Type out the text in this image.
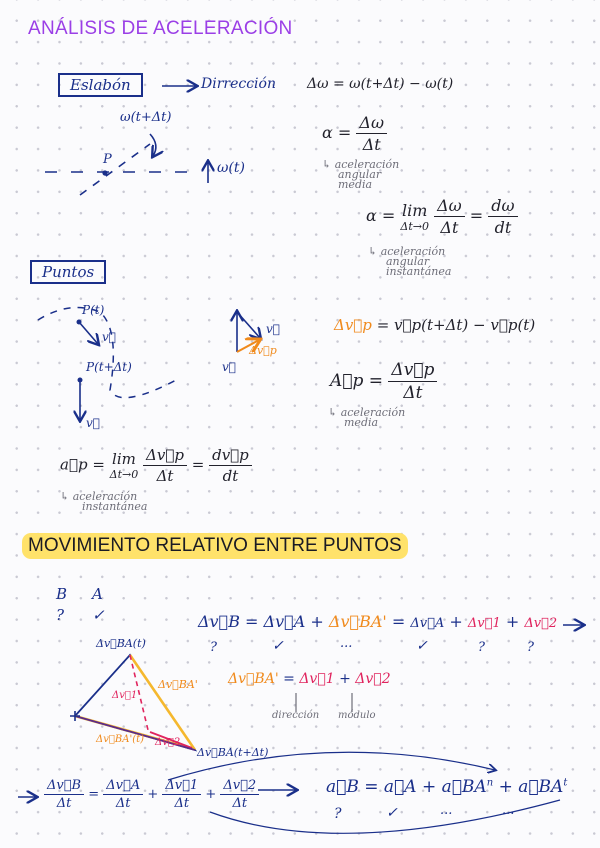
ANÁLISIS DE ACELERACIÓN
Eslabón	Dirrección Δω = ω(t+Δt) − ω(t)
ω(t+Δt)
P
ω(t)
$\alpha = \frac{\Delta\omega}{\Delta t}$
↳ aceleración
angular
media
α = lim
Δt→0
$\frac{\Delta\omega}{\Delta t} = \frac{d\omega}{dt}$
↳ aceleración
angular
instantánea
Puntos
P(t)
v⃗
P(t+Δt)
v⃗
v⃗
v⃗
Δv⃗p
Δv⃗p = v⃗p(t+Δt) − v⃗p(t)
A⃗p = $\frac{\Delta v⃗p}{\Delta t}$
↳ aceleración
media
a⃗p = lim
Δt→0
$\frac{\Delta v⃗p}{\Delta t} = \frac{dv⃗p}{dt}$
↳ aceleración
instantánea
MOVIMIENTO RELATIVO ENTRE PUNTOS
B A
? ✓	Δv⃗B = Δv⃗A + Δv⃗BA' = Δv⃗A + Δv⃗1 + Δv⃗2
?	✓	...	✓	?	?
Δv⃗BA(t)
Δv⃗BA(t+Δt)
Δv⃗BA'(t)
Δv⃗1
Δv⃗2
Δv⃗BA' Δv⃗BA' = Δv⃗1 + Δv⃗2
dirección módulo
$\frac{\Delta v⃗B}{\Delta t} = \frac{\Delta v⃗A}{\Delta t} + \frac{\Delta v⃗1}{\Delta t} + \frac{\Delta v⃗2}{\Delta t}$	a⃗B = a⃗A + $a⃗BA^n$ + $a⃗BA^t$
?	✓	...	...
